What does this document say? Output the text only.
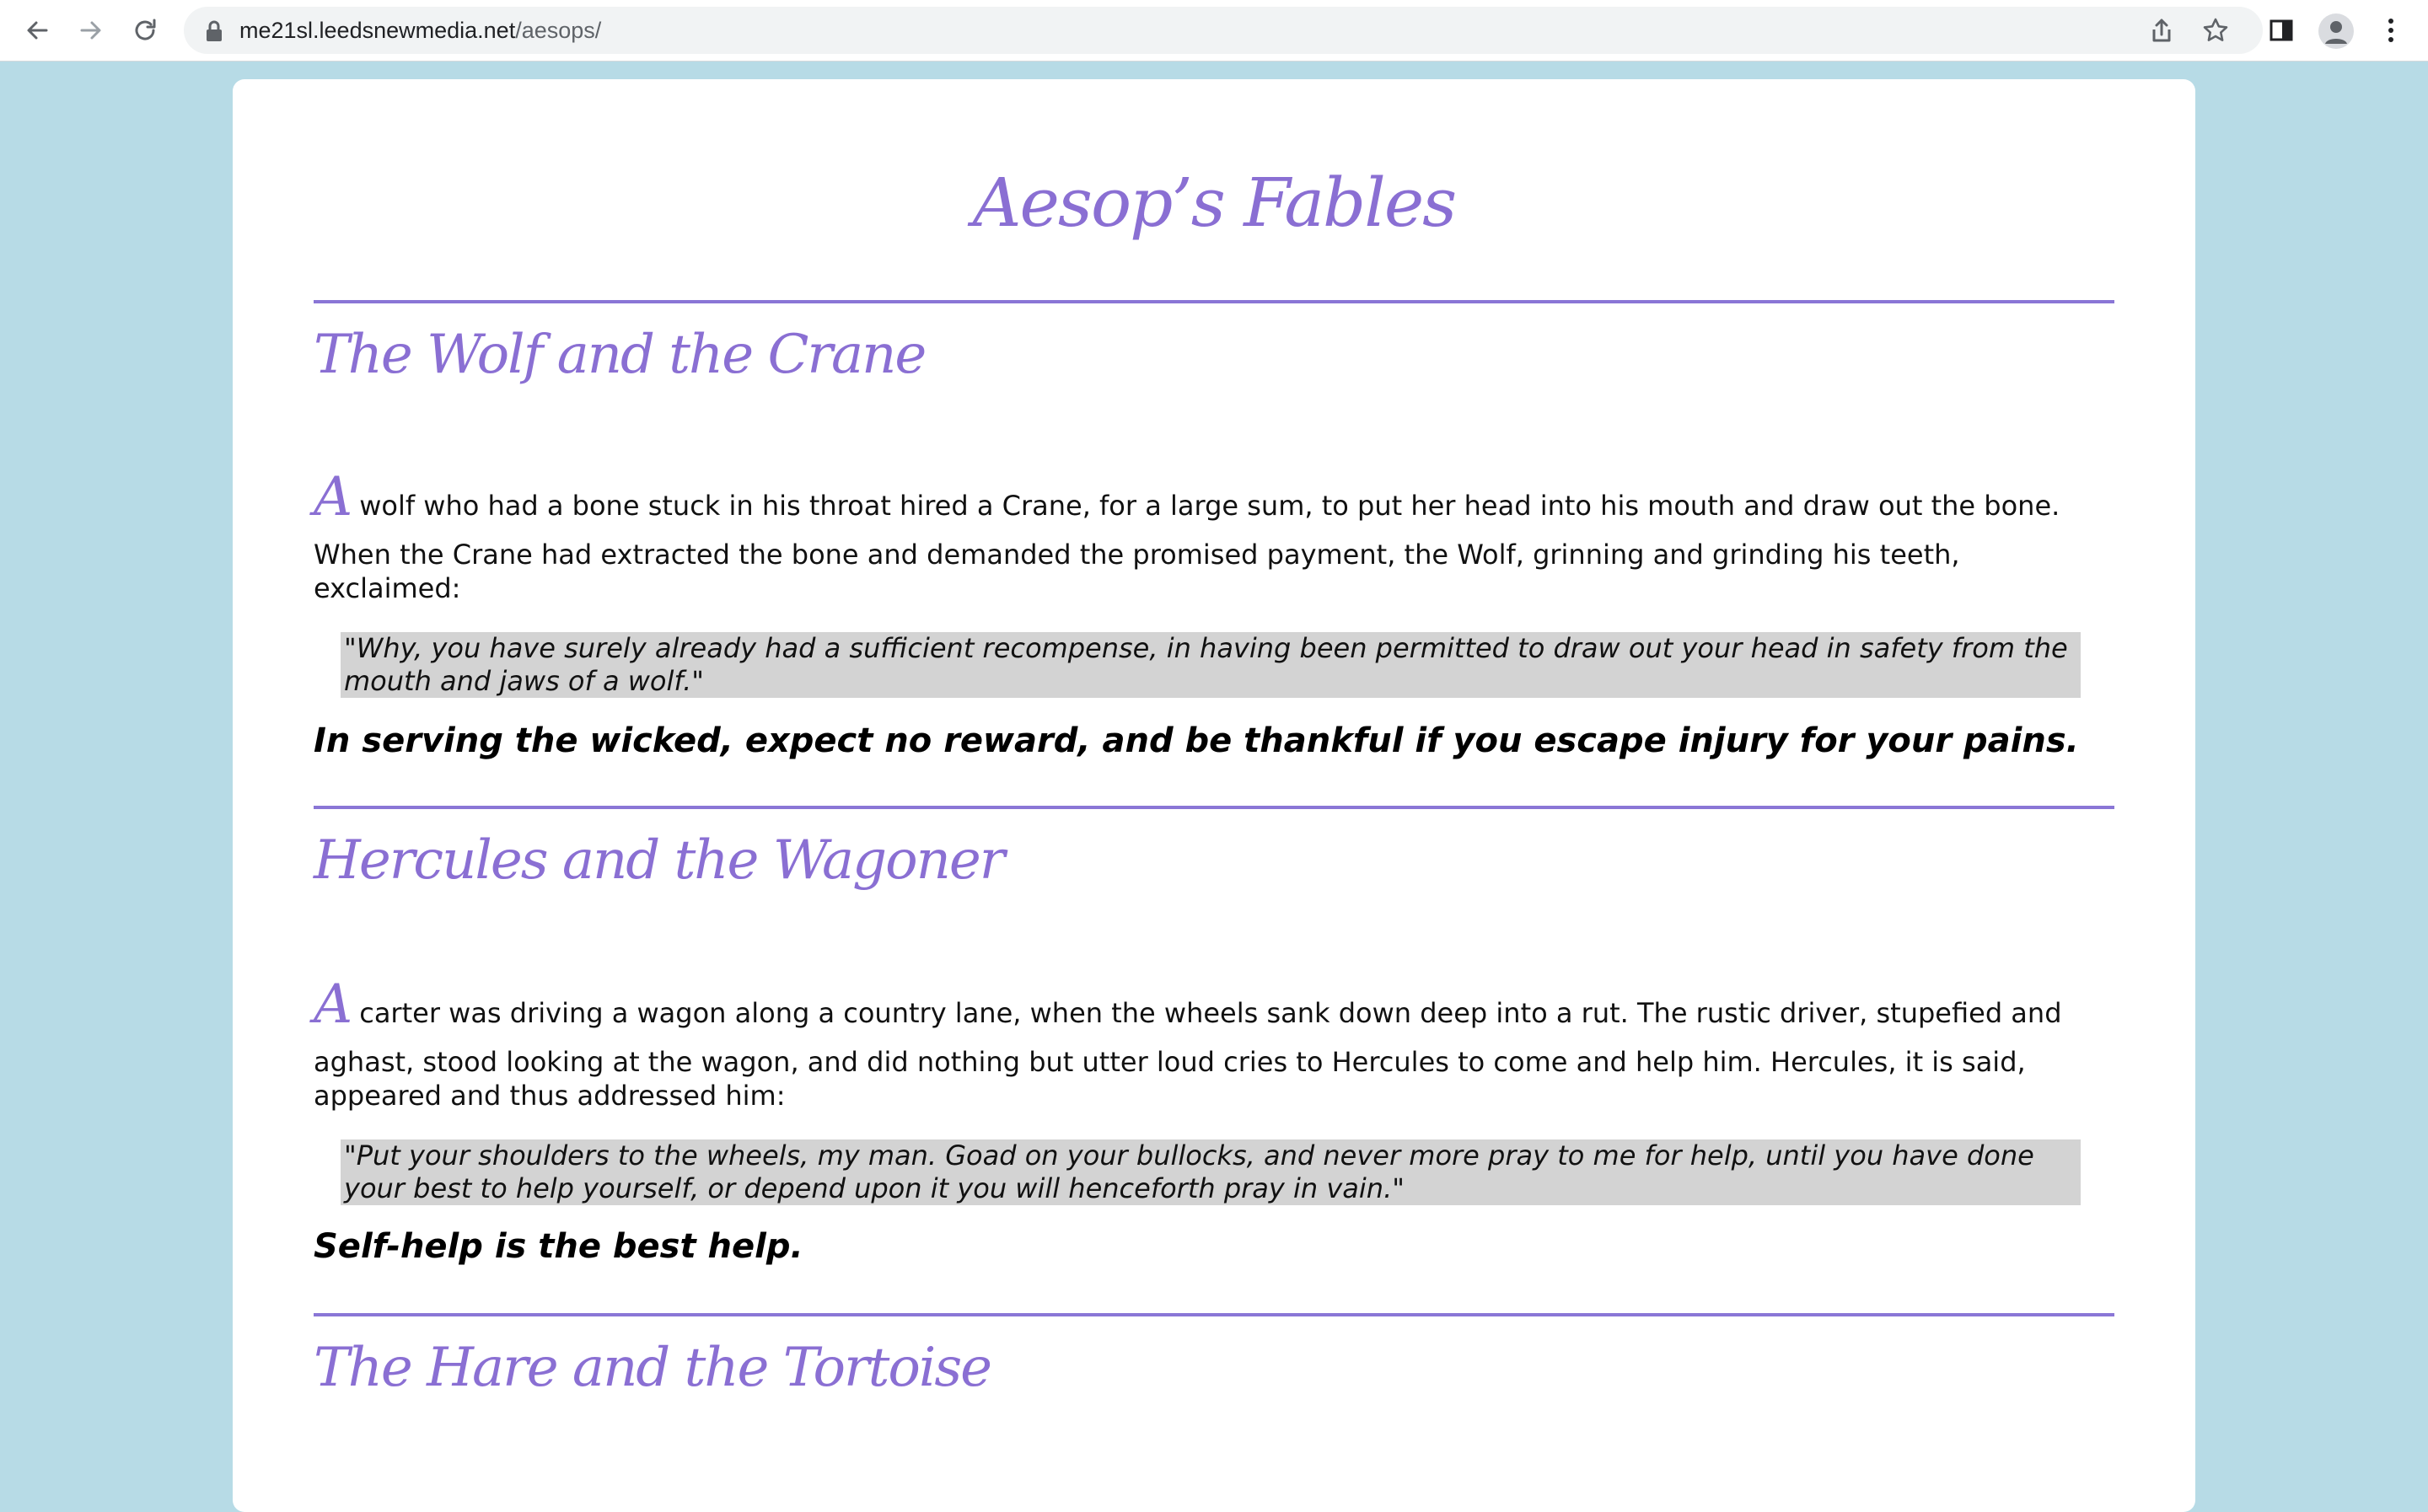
me21sl.leedsnewmedia.net/aesops/
Aesop’s Fables
The Wolf and the Crane
Awolf who had a bone stuck in his throat hired a Crane, for a large sum, to put her head into his mouth and draw out the bone.
When the Crane had extracted the bone and demanded the promised payment, the Wolf, grinning and grinding his teeth, exclaimed:
"Why, you have surely already had a sufficient recompense, in having been permitted to draw out your head in safety from the mouth and jaws of a wolf."

In serving the wicked, expect no reward, and be thankful if you escape injury for your pains.

Hercules and the Wagoner
Acarter was driving a wagon along a country lane, when the wheels sank down deep into a rut. The rustic driver, stupefied and
aghast, stood looking at the wagon, and did nothing but utter loud cries to Hercules to come and help him. Hercules, it is said, appeared and thus addressed him:
"Put your shoulders to the wheels, my man. Goad on your bullocks, and never more pray to me for help, until you have done your best to help yourself, or depend upon it you will henceforth pray in vain."

Self-help is the best help.

The Hare and the Tortoise
